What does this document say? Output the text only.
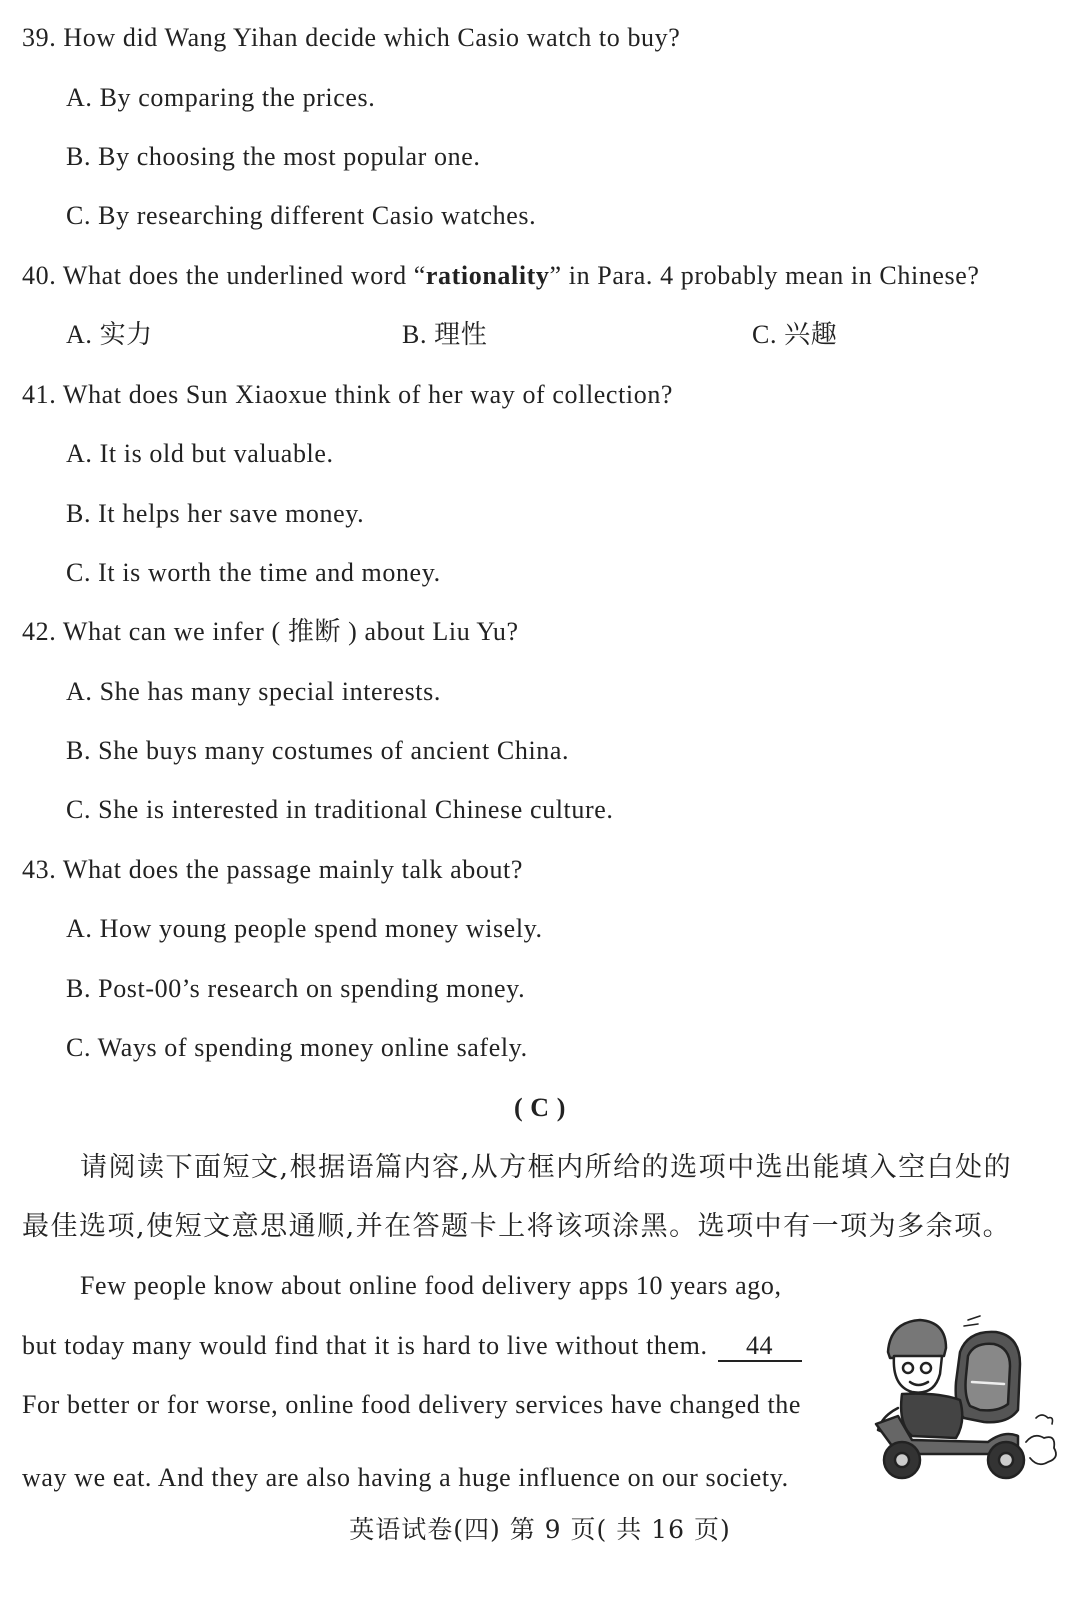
39. How did Wang Yihan decide which Casio watch to buy?
A. By comparing the prices.
B. By choosing the most popular one.
C. By researching different Casio watches.
40. What does the underlined word “rationality” in Para. 4 probably mean in Chinese?
A. 实力	B. 理性	C. 兴趣
41. What does Sun Xiaoxue think of her way of collection?
A. It is old but valuable.
B. It helps her save money.
C. It is worth the time and money.
42. What can we infer ( 推断 ) about Liu Yu?
A. She has many special interests.
B. She buys many costumes of ancient China.
C. She is interested in traditional Chinese culture.
43. What does the passage mainly talk about?
A. How young people spend money wisely.
B. Post-00’s research on spending money.
C. Ways of spending money online safely.
( C )
请阅读下面短文,根据语篇内容,从方框内所给的选项中选出能填入空白处的
最佳选项,使短文意思通顺,并在答题卡上将该项涂黑。选项中有一项为多余项。
Few people know about online food delivery apps 10 years ago,
but today many would find that it is hard to live without them. 44
For better or for worse, online food delivery services have changed the
way we eat. And they are also having a huge influence on our society.
英语试卷(四) 第 9 页( 共 16 页)
